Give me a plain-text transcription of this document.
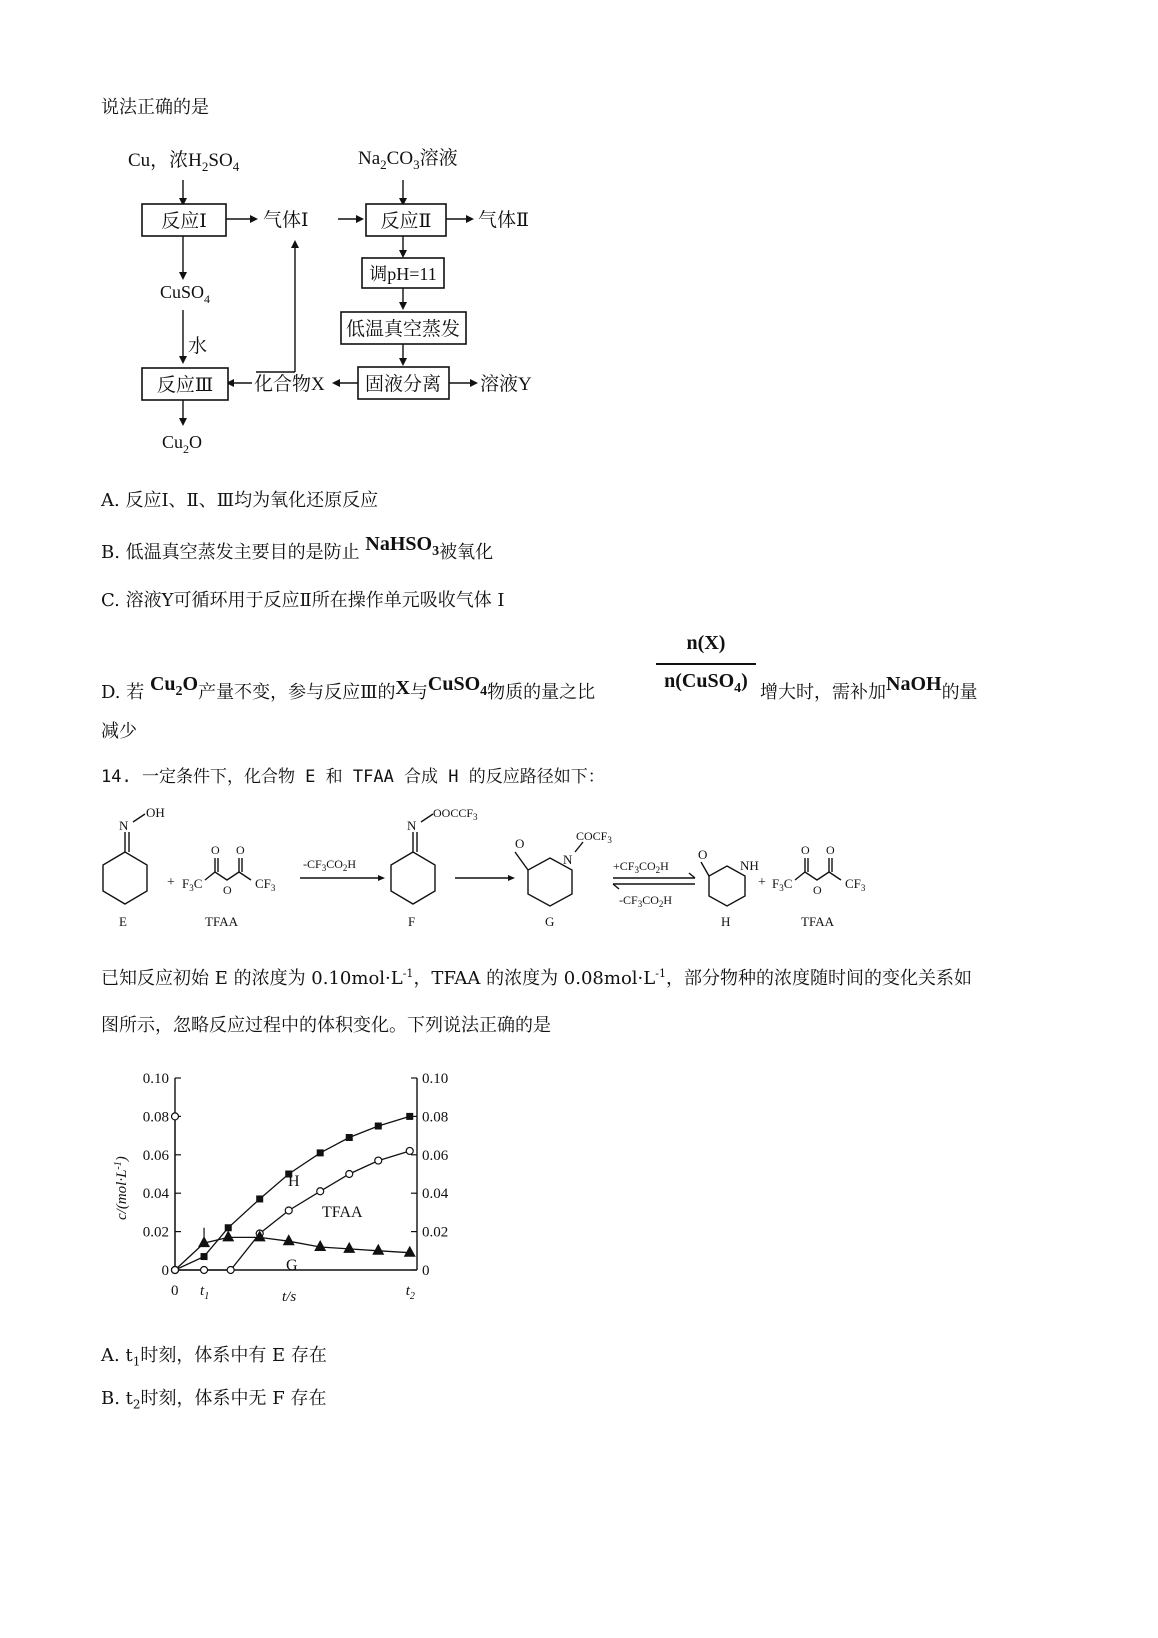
说法正确的是
Cu，浓$H_2SO_4$	$Na_2CO_3$溶液
反应Ⅰ	气体Ⅰ	反应Ⅱ 气体Ⅱ
调pH=11
低温真空蒸发
固液分离 溶液Y
化合物X
CuSO$_4$
水
反应Ⅲ
$Cu_2O$
A. 反应Ⅰ、Ⅱ、Ⅲ均为氧化还原反应
B. 低温真空蒸发主要目的是防止 NaHSO$_3$被氧化
C. 溶液Y可循环用于反应Ⅱ所在操作单元吸收气体 Ⅰ
D. 若 $Cu_2O$产量不变，参与反应Ⅲ的X与CuSO$_4$物质的量之比
n(X)
n(CuSO$_4$)
增大时，需补加NaOH的量
减少
14. 一定条件下，化合物 E 和 TFAA 合成 H 的反应路径如下：
N
OH
E
+ $F_3C$
O O
O $CF_3$
TFAA
$-CF_3CO_2H$
N
$OOCCF_3$
F
O
N
$COCF_3$
G
$+CF_3CO_2H$
$-CF_3CO_2H$
O
NH
H
+ $F_3C$
O O
O $CF_3$
TFAA
已知反应初始 E 的浓度为 $0.10mol\cdot L^{-1}$，TFAA 的浓度为 $0.08mol\cdot L^{-1}$，部分物种的浓度随时间的变化关系如
图所示，忽略反应过程中的体积变化。下列说法正确的是
$c/(mol\cdot L^{-1})$
t/s
0	0
0.02	0.02
0.04	0.04
0.06	0.06
0.08	0.08
0.10	0.10
0 $t_1$	$t_2$
H
TFAA
G
A. $t_1$时刻，体系中有 E 存在
B. $t_2$时刻，体系中无 F 存在
